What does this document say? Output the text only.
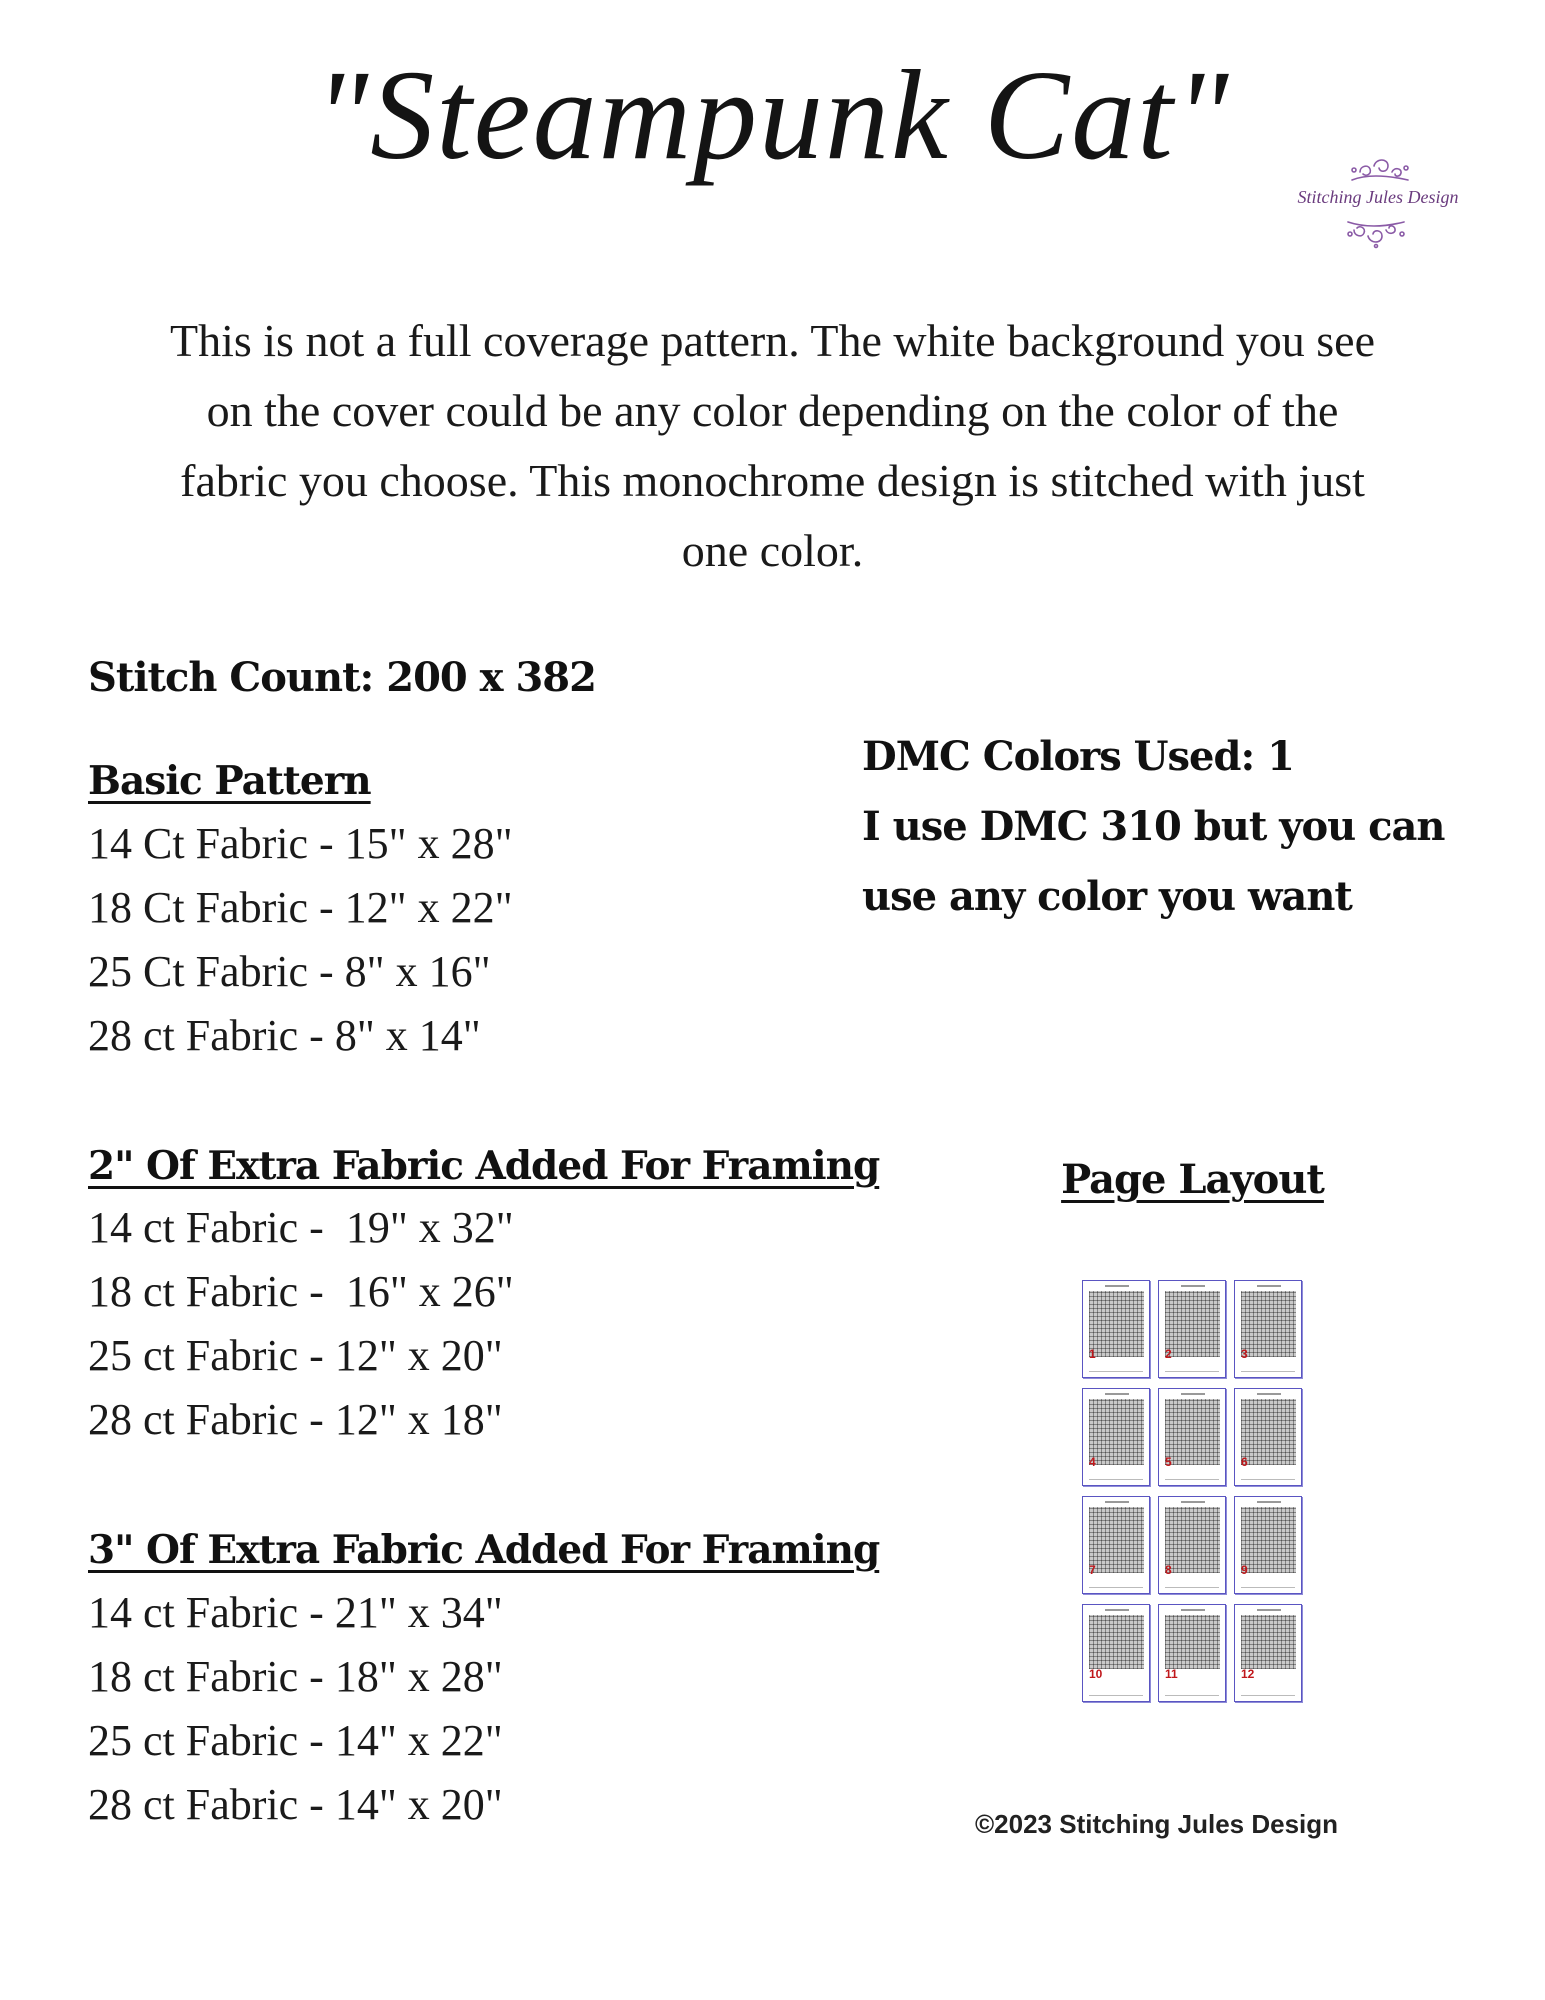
"Steampunk Cat"
Stitching Jules Design
This is not a full coverage pattern. The white background you see on the cover could be any color depending on the color of the fabric you choose. This monochrome design is stitched with just one color.
Stitch Count: 200 x 382
Basic Pattern
14 Ct Fabric - 15" x 28"
18 Ct Fabric - 12" x 22"
25 Ct Fabric - 8" x 16"
28 ct Fabric - 8" x 14"
2" Of Extra Fabric Added For Framing
14 ct Fabric -  19" x 32"
18 ct Fabric -  16" x 26"
25 ct Fabric - 12" x 20"
28 ct Fabric - 12" x 18"
3" Of Extra Fabric Added For Framing
14 ct Fabric - 21" x 34"
18 ct Fabric - 18" x 28"
25 ct Fabric - 14" x 22"
28 ct Fabric - 14" x 20"
DMC Colors Used: 1
I use DMC 310 but you can
use any color you want
Page Layout
1	2	3
4	5	6
7	8	9
10	11	12
©2023 Stitching Jules Design
